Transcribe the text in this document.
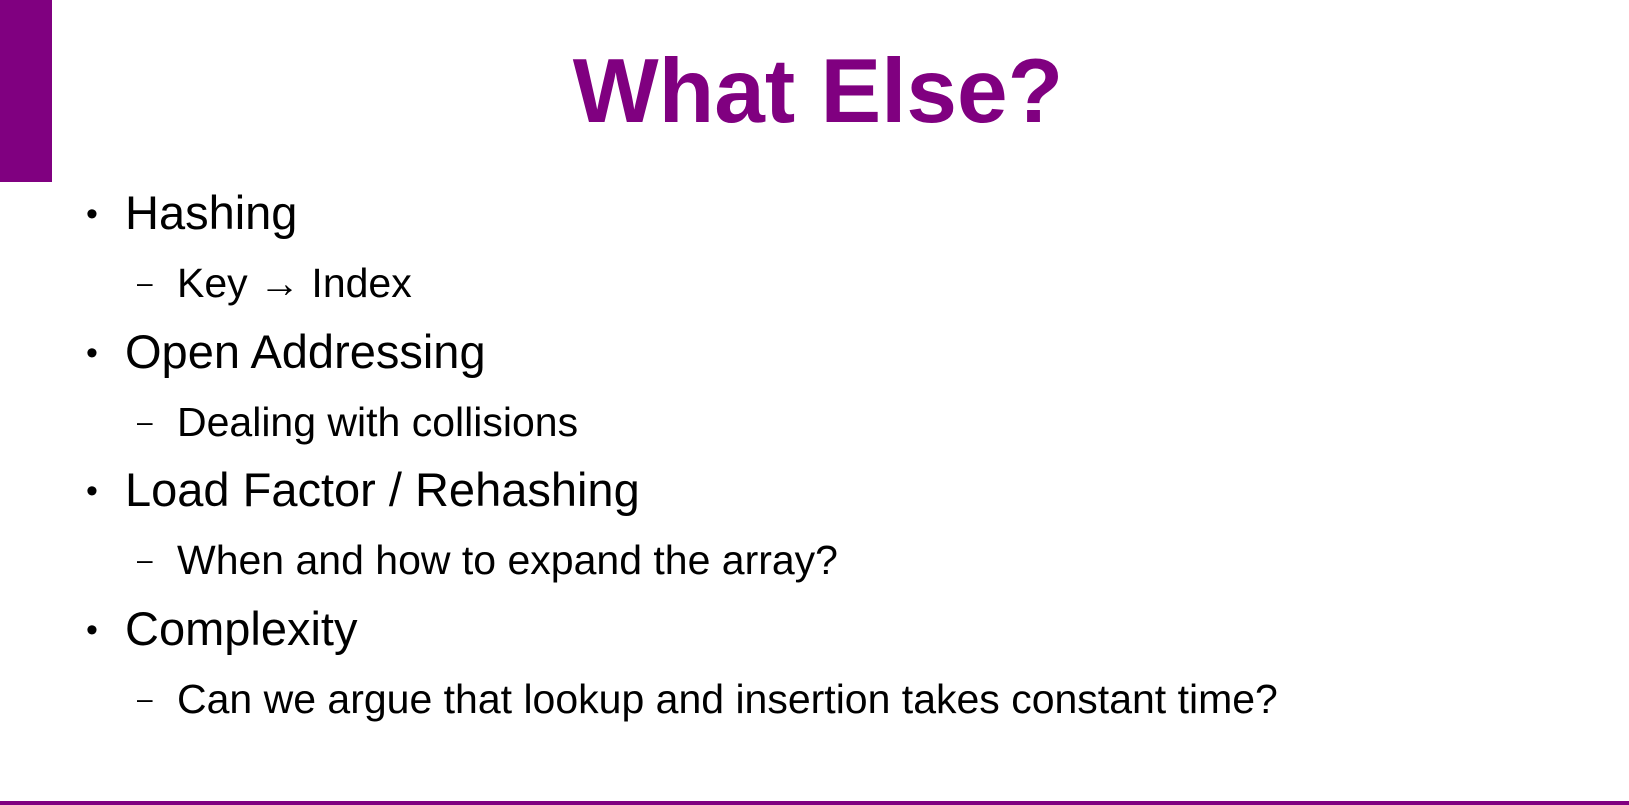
What Else?
• Hashing
– Key → Index
• Open Addressing
– Dealing with collisions
• Load Factor / Rehashing
– When and how to expand the array?
• Complexity
– Can we argue that lookup and insertion takes constant time?
